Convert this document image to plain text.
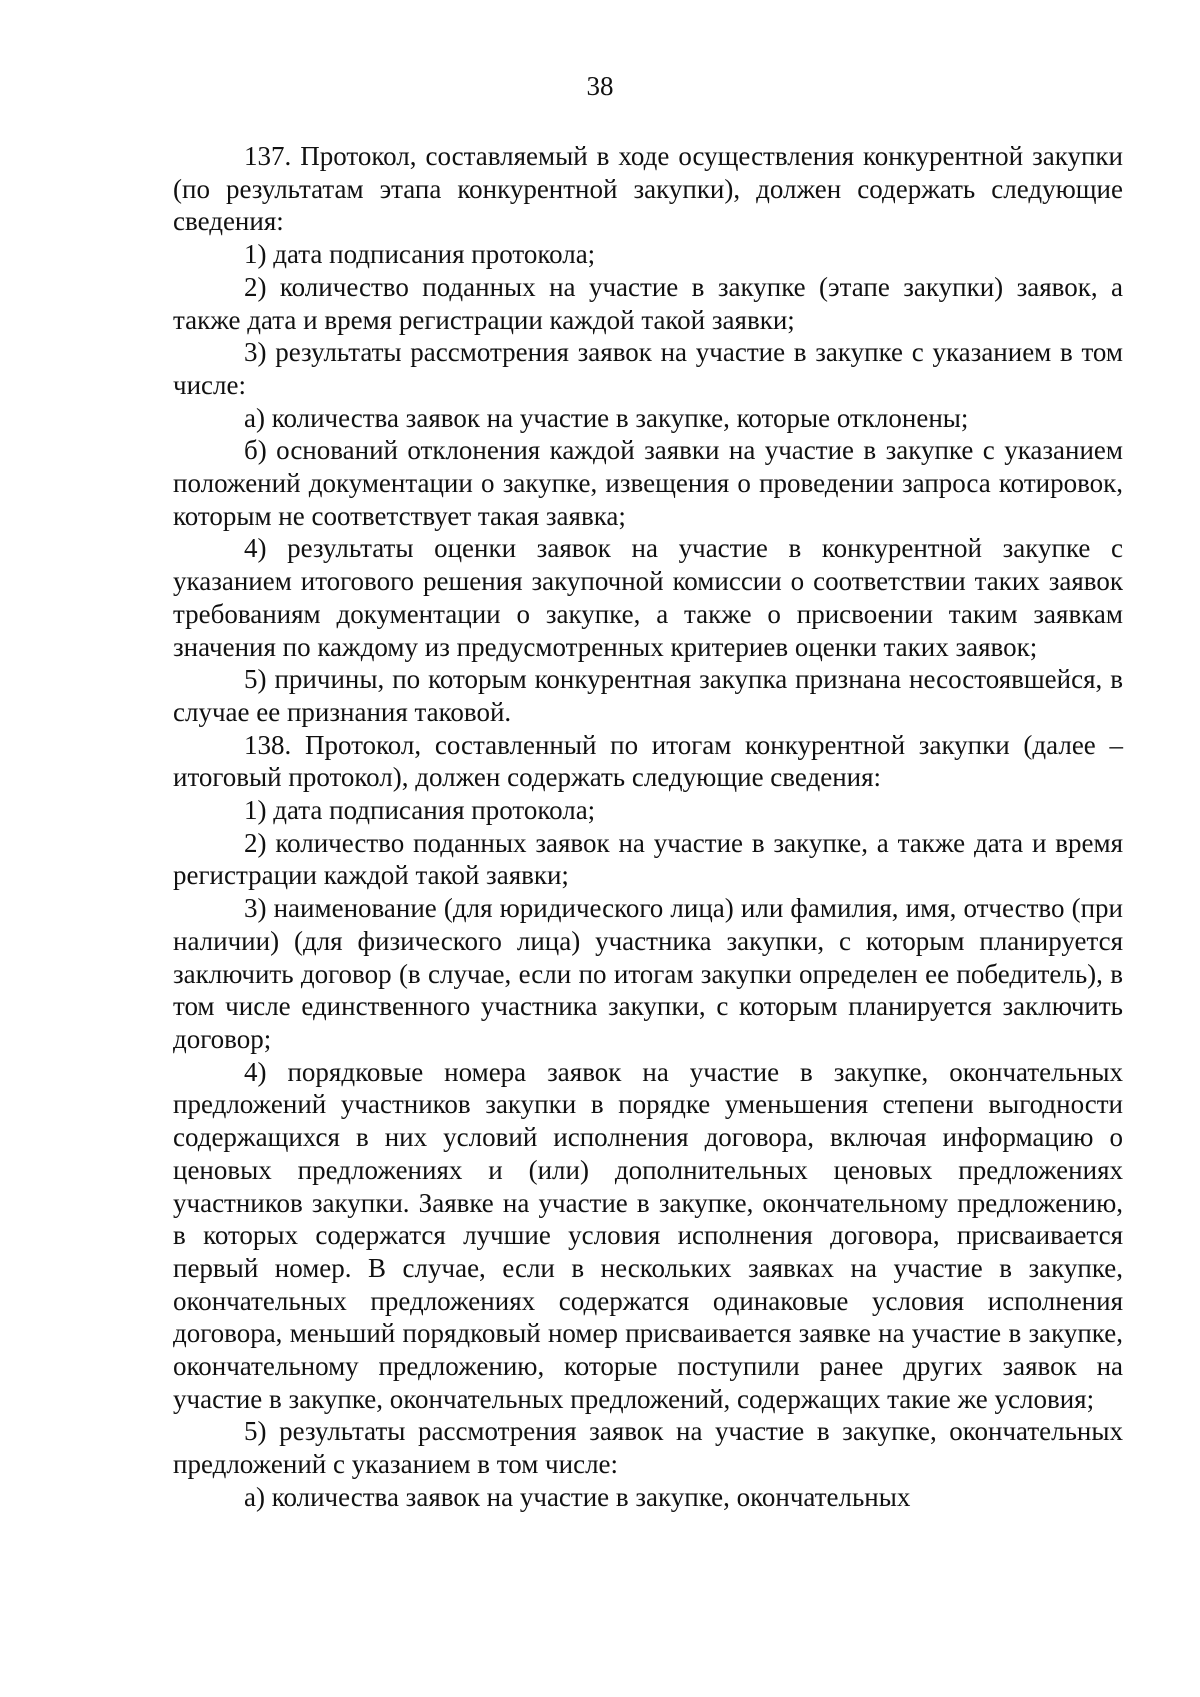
38

137. Протокол, составляемый в ходе осуществления конкурентной закупки (по результатам этапа конкурентной закупки), должен содержать следующие сведения:

1) дата подписания протокола;

2) количество поданных на участие в закупке (этапе закупки) заявок, а также дата и время регистрации каждой такой заявки;

3) результаты рассмотрения заявок на участие в закупке с указанием в том числе:

а) количества заявок на участие в закупке, которые отклонены;

б) оснований отклонения каждой заявки на участие в закупке с указанием положений документации о закупке, извещения о проведении запроса котировок, которым не соответствует такая заявка;

4) результаты оценки заявок на участие в конкурентной закупке с указанием итогового решения закупочной комиссии о соответствии таких заявок требованиям документации о закупке, а также о присвоении таким заявкам значения по каждому из предусмотренных критериев оценки таких заявок;

5) причины, по которым конкурентная закупка признана несостоявшейся, в случае ее признания таковой.

138. Протокол, составленный по итогам конкурентной закупки (далее – итоговый протокол), должен содержать следующие сведения:

1) дата подписания протокола;

2) количество поданных заявок на участие в закупке, а также дата и время регистрации каждой такой заявки;

3) наименование (для юридического лица) или фамилия, имя, отчество (при наличии) (для физического лица) участника закупки, с которым планируется заключить договор (в случае, если по итогам закупки определен ее победитель), в том числе единственного участника закупки, с которым планируется заключить договор;

4) порядковые номера заявок на участие в закупке, окончательных предложений участников закупки в порядке уменьшения степени выгодности содержащихся в них условий исполнения договора, включая информацию о ценовых предложениях и (или) дополнительных ценовых предложениях участников закупки. Заявке на участие в закупке, окончательному предложению, в которых содержатся лучшие условия исполнения договора, присваивается первый номер. В случае, если в нескольких заявках на участие в закупке, окончательных предложениях содержатся одинаковые условия исполнения договора, меньший порядковый номер присваивается заявке на участие в закупке, окончательному предложению, которые поступили ранее других заявок на участие в закупке, окончательных предложений, содержащих такие же условия;

5) результаты рассмотрения заявок на участие в закупке, окончательных предложений с указанием в том числе:

а) количества заявок на участие в закупке, окончательных
